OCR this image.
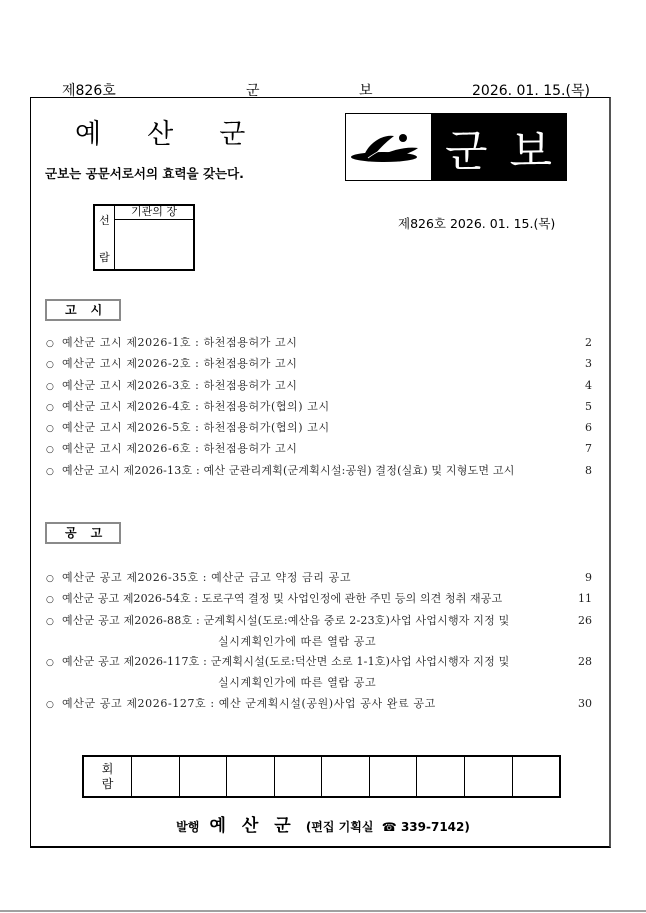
제826호	군	보	2026. 01. 15.(목)
예 산 군
군보는 공문서로서의 효력을 갖는다.	군 보
선
람
기관의 장
제826호 2026. 01. 15.(목)
고 시
○ 예산군 고시 제2026-1호 : 하천점용허가 고시	2
○ 예산군 고시 제2026-2호 : 하천점용허가 고시	3
○ 예산군 고시 제2026-3호 : 하천점용허가 고시	4
○ 예산군 고시 제2026-4호 : 하천점용허가(협의) 고시	5
○ 예산군 고시 제2026-5호 : 하천점용허가(협의) 고시	6
○ 예산군 고시 제2026-6호 : 하천점용허가 고시	7
○ 예산군 고시 제2026-13호 : 예산 군관리계획(군계획시설:공원) 결정(실효) 및 지형도면 고시	8
공 고
○ 예산군 공고 제2026-35호 : 예산군 금고 약정 금리 공고	9
○ 예산군 공고 제2026-54호 : 도로구역 결정 및 사업인정에 관한 주민 등의 의견 청취 재공고	11
○ 예산군 공고 제2026-88호 : 군계획시설(도로:예산읍 중로 2-23호)사업 사업시행자 지정 및
실시계획인가에 따른 열람 공고
26
○ 예산군 공고 제2026-117호 : 군계획시설(도로:덕산면 소로 1-1호)사업 사업시행자 지정 및
실시계획인가에 따른 열람 공고
28
○ 예산군 공고 제2026-127호 : 예산 군계획시설(공원)사업 공사 완료 공고	30
회
람
발행 예 산 군 (편집 기획실 ☎ 339-7142)
